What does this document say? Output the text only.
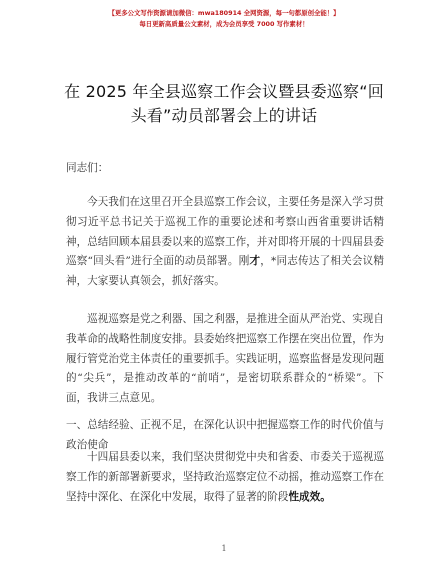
【更多公文写作资源请加微信：mwa180914 全网资源，每一句都原创全能！】
每日更新高质量公文素材，成为会员享受 7000 写作素材！
在 2025 年全县巡察工作会议暨县委巡察“回头看”动员部署会上的讲话
同志们：
今天我们在这里召开全县巡察工作会议，主要任务是深入学习贯彻习近平总书记关于巡视工作的重要论述和考察山西省重要讲话精神，总结回顾本届县委以来的巡察工作，并对即将开展的十四届县委巡察“回头看”进行全面的动员部署。刚才，*同志传达了相关会议精神，大家要认真领会，抓好落实。
巡视巡察是党之利器、国之利器，是推进全面从严治党、实现自我革命的战略性制度安排。县委始终把巡察工作摆在突出位置，作为履行管党治党主体责任的重要抓手。实践证明，巡察监督是发现问题的“尖兵”，是推动改革的“前哨”，是密切联系群众的“桥梁”。下面，我讲三点意见。
一、总结经验、正视不足，在深化认识中把握巡察工作的时代价值与政治使命
十四届县委以来，我们坚决贯彻党中央和省委、市委关于巡视巡察工作的新部署新要求，坚持政治巡察定位不动摇，推动巡察工作在坚持中深化、在深化中发展，取得了显著的阶段性成效。
1
